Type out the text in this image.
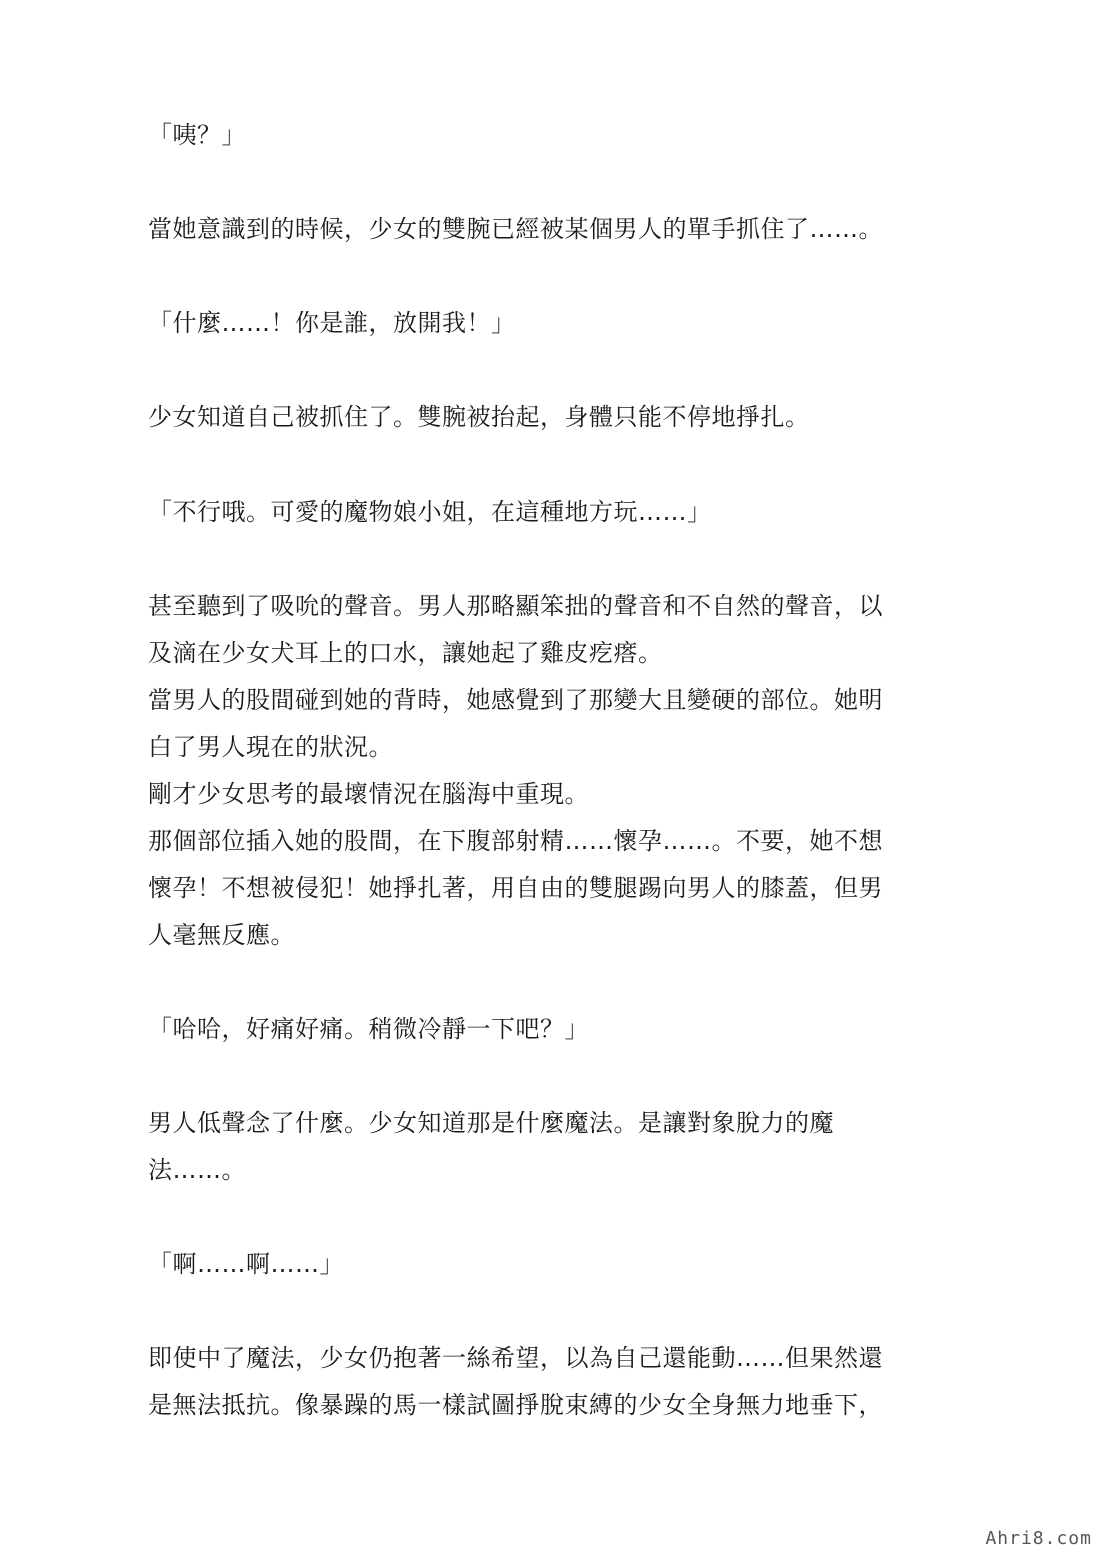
「咦？」
當她意識到的時候，少女的雙腕已經被某個男人的單手抓住了……。
「什麼……！你是誰，放開我！」
少女知道自己被抓住了。雙腕被抬起，身體只能不停地掙扎。
「不行哦。可愛的魔物娘小姐，在這種地方玩……」
甚至聽到了吸吮的聲音。男人那略顯笨拙的聲音和不自然的聲音，以
及滴在少女犬耳上的口水，讓她起了雞皮疙瘩。
當男人的股間碰到她的背時，她感覺到了那變大且變硬的部位。她明
白了男人現在的狀況。
剛才少女思考的最壞情況在腦海中重現。
那個部位插入她的股間，在下腹部射精……懷孕……。不要，她不想
懷孕！不想被侵犯！她掙扎著，用自由的雙腿踢向男人的膝蓋，但男
人毫無反應。
「哈哈，好痛好痛。稍微冷靜一下吧？」
男人低聲念了什麼。少女知道那是什麼魔法。是讓對象脫力的魔
法……。
「啊……啊……」
即使中了魔法，少女仍抱著一絲希望，以為自己還能動……但果然還
是無法抵抗。像暴躁的馬一樣試圖掙脫束縛的少女全身無力地垂下，
Ahri8.com
